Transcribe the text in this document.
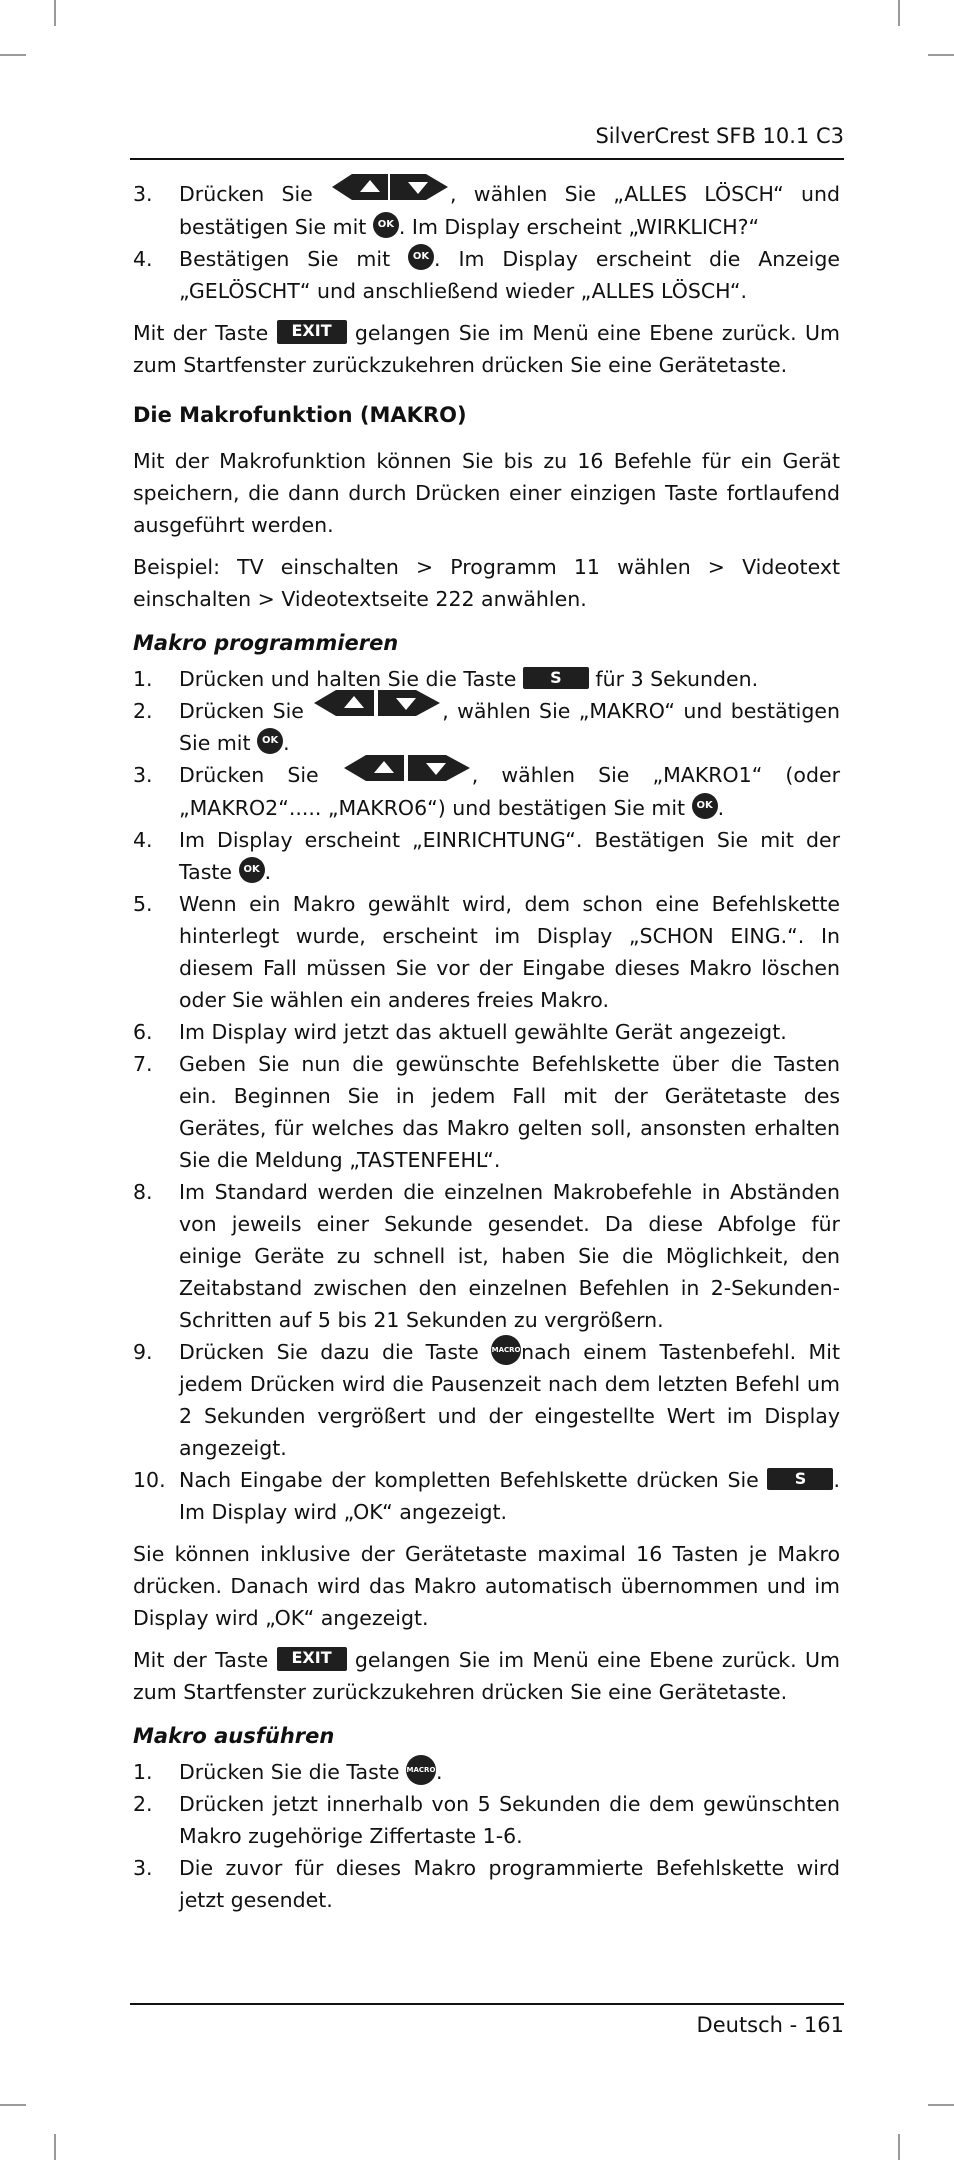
SilverCrest SFB 10.1 C3
3. Drücken Sie	, wählen Sie „ALLES LÖSCH“ und bestätigen Sie mit OK . Im Display erscheint „WIRKLICH?“
4. Bestätigen Sie mit OK . Im Display erscheint die Anzeige „GELÖSCHT“ und anschließend wieder „ALLES LÖSCH“.

Mit der Taste EXIT gelangen Sie im Menü eine Ebene zurück. Um zum Startfenster zurückzukehren drücken Sie eine Gerätetaste.

Die Makrofunktion (MAKRO)

Mit der Makrofunktion können Sie bis zu 16 Befehle für ein Gerät speichern, die dann durch Drücken einer einzigen Taste fortlaufend ausgeführt werden.

Beispiel: TV einschalten > Programm 11 wählen > Videotext einschalten > Videotextseite 222 anwählen.

Makro programmieren
1. Drücken und halten Sie die Taste S für 3 Sekunden.
2. Drücken Sie	, wählen Sie „MAKRO“ und bestätigen Sie mit OK .
3. Drücken Sie	, wählen Sie „MAKRO1“ (oder „MAKRO2“..... „MAKRO6“) und bestätigen Sie mit OK .
4. Im Display erscheint „EINRICHTUNG“. Bestätigen Sie mit der Taste OK .
5. Wenn ein Makro gewählt wird, dem schon eine Befehlskette hinterlegt wurde, erscheint im Display „SCHON EING.“. In diesem Fall müssen Sie vor der Eingabe dieses Makro löschen oder Sie wählen ein anderes freies Makro.
6. Im Display wird jetzt das aktuell gewählte Gerät angezeigt.
7. Geben Sie nun die gewünschte Befehlskette über die Tasten ein. Beginnen Sie in jedem Fall mit der Gerätetaste des Gerätes, für welches das Makro gelten soll, ansonsten erhalten Sie die Meldung „TASTENFEHL“.
8. Im Standard werden die einzelnen Makrobefehle in Abständen von jeweils einer Sekunde gesendet. Da diese Abfolge für einige Geräte zu schnell ist, haben Sie die Möglichkeit, den Zeitabstand zwischen den einzelnen Befehlen in 2-Sekunden-Schritten auf 5 bis 21 Sekunden zu vergrößern.
9. Drücken Sie dazu die Taste MACROnach einem Tastenbefehl. Mit jedem Drücken wird die Pausenzeit nach dem letzten Befehl um 2 Sekunden vergrößert und der eingestellte Wert im Display angezeigt.
10. Nach Eingabe der kompletten Befehlskette drücken Sie S . Im Display wird „OK“ angezeigt.

Sie können inklusive der Gerätetaste maximal 16 Tasten je Makro drücken. Danach wird das Makro automatisch übernommen und im Display wird „OK“ angezeigt.

Mit der Taste EXIT gelangen Sie im Menü eine Ebene zurück. Um zum Startfenster zurückzukehren drücken Sie eine Gerätetaste.

Makro ausführen
1. Drücken Sie die Taste MACRO.
2. Drücken jetzt innerhalb von 5 Sekunden die dem gewünschten Makro zugehörige Ziffertaste 1-6.
3. Die zuvor für dieses Makro programmierte Befehlskette wird jetzt gesendet.
Deutsch - 161
